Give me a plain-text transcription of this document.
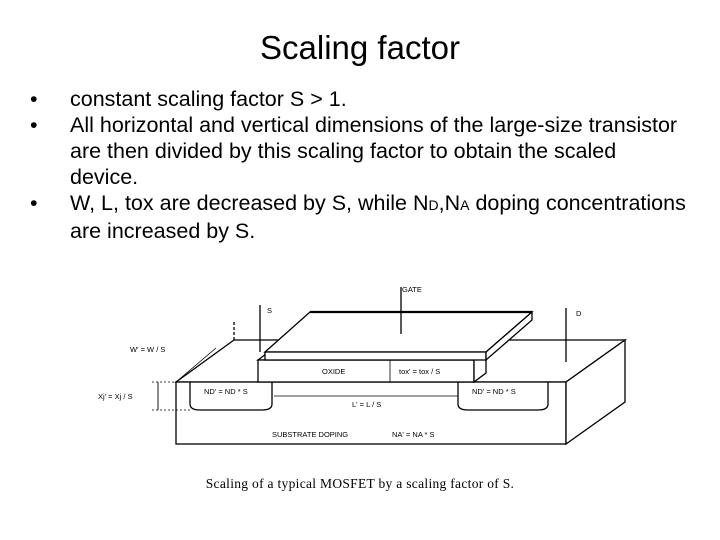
Scaling factor
•	constant scaling factor S > 1.
•	All horizontal and vertical dimensions of the large-size transistor are then divided by this scaling factor to obtain the scaled device.
•	W, L, tox are decreased by S, while ND,NA doping concentrations are increased by S.
GATE
S	D
W' = W / S
Xj' = Xj / S
OXIDE	tox' = tox / S
ND' = ND * S	ND' = ND * S
L' = L / S
SUBSTRATE DOPING	NA' = NA * S
Scaling of a typical MOSFET by a scaling factor of S.
